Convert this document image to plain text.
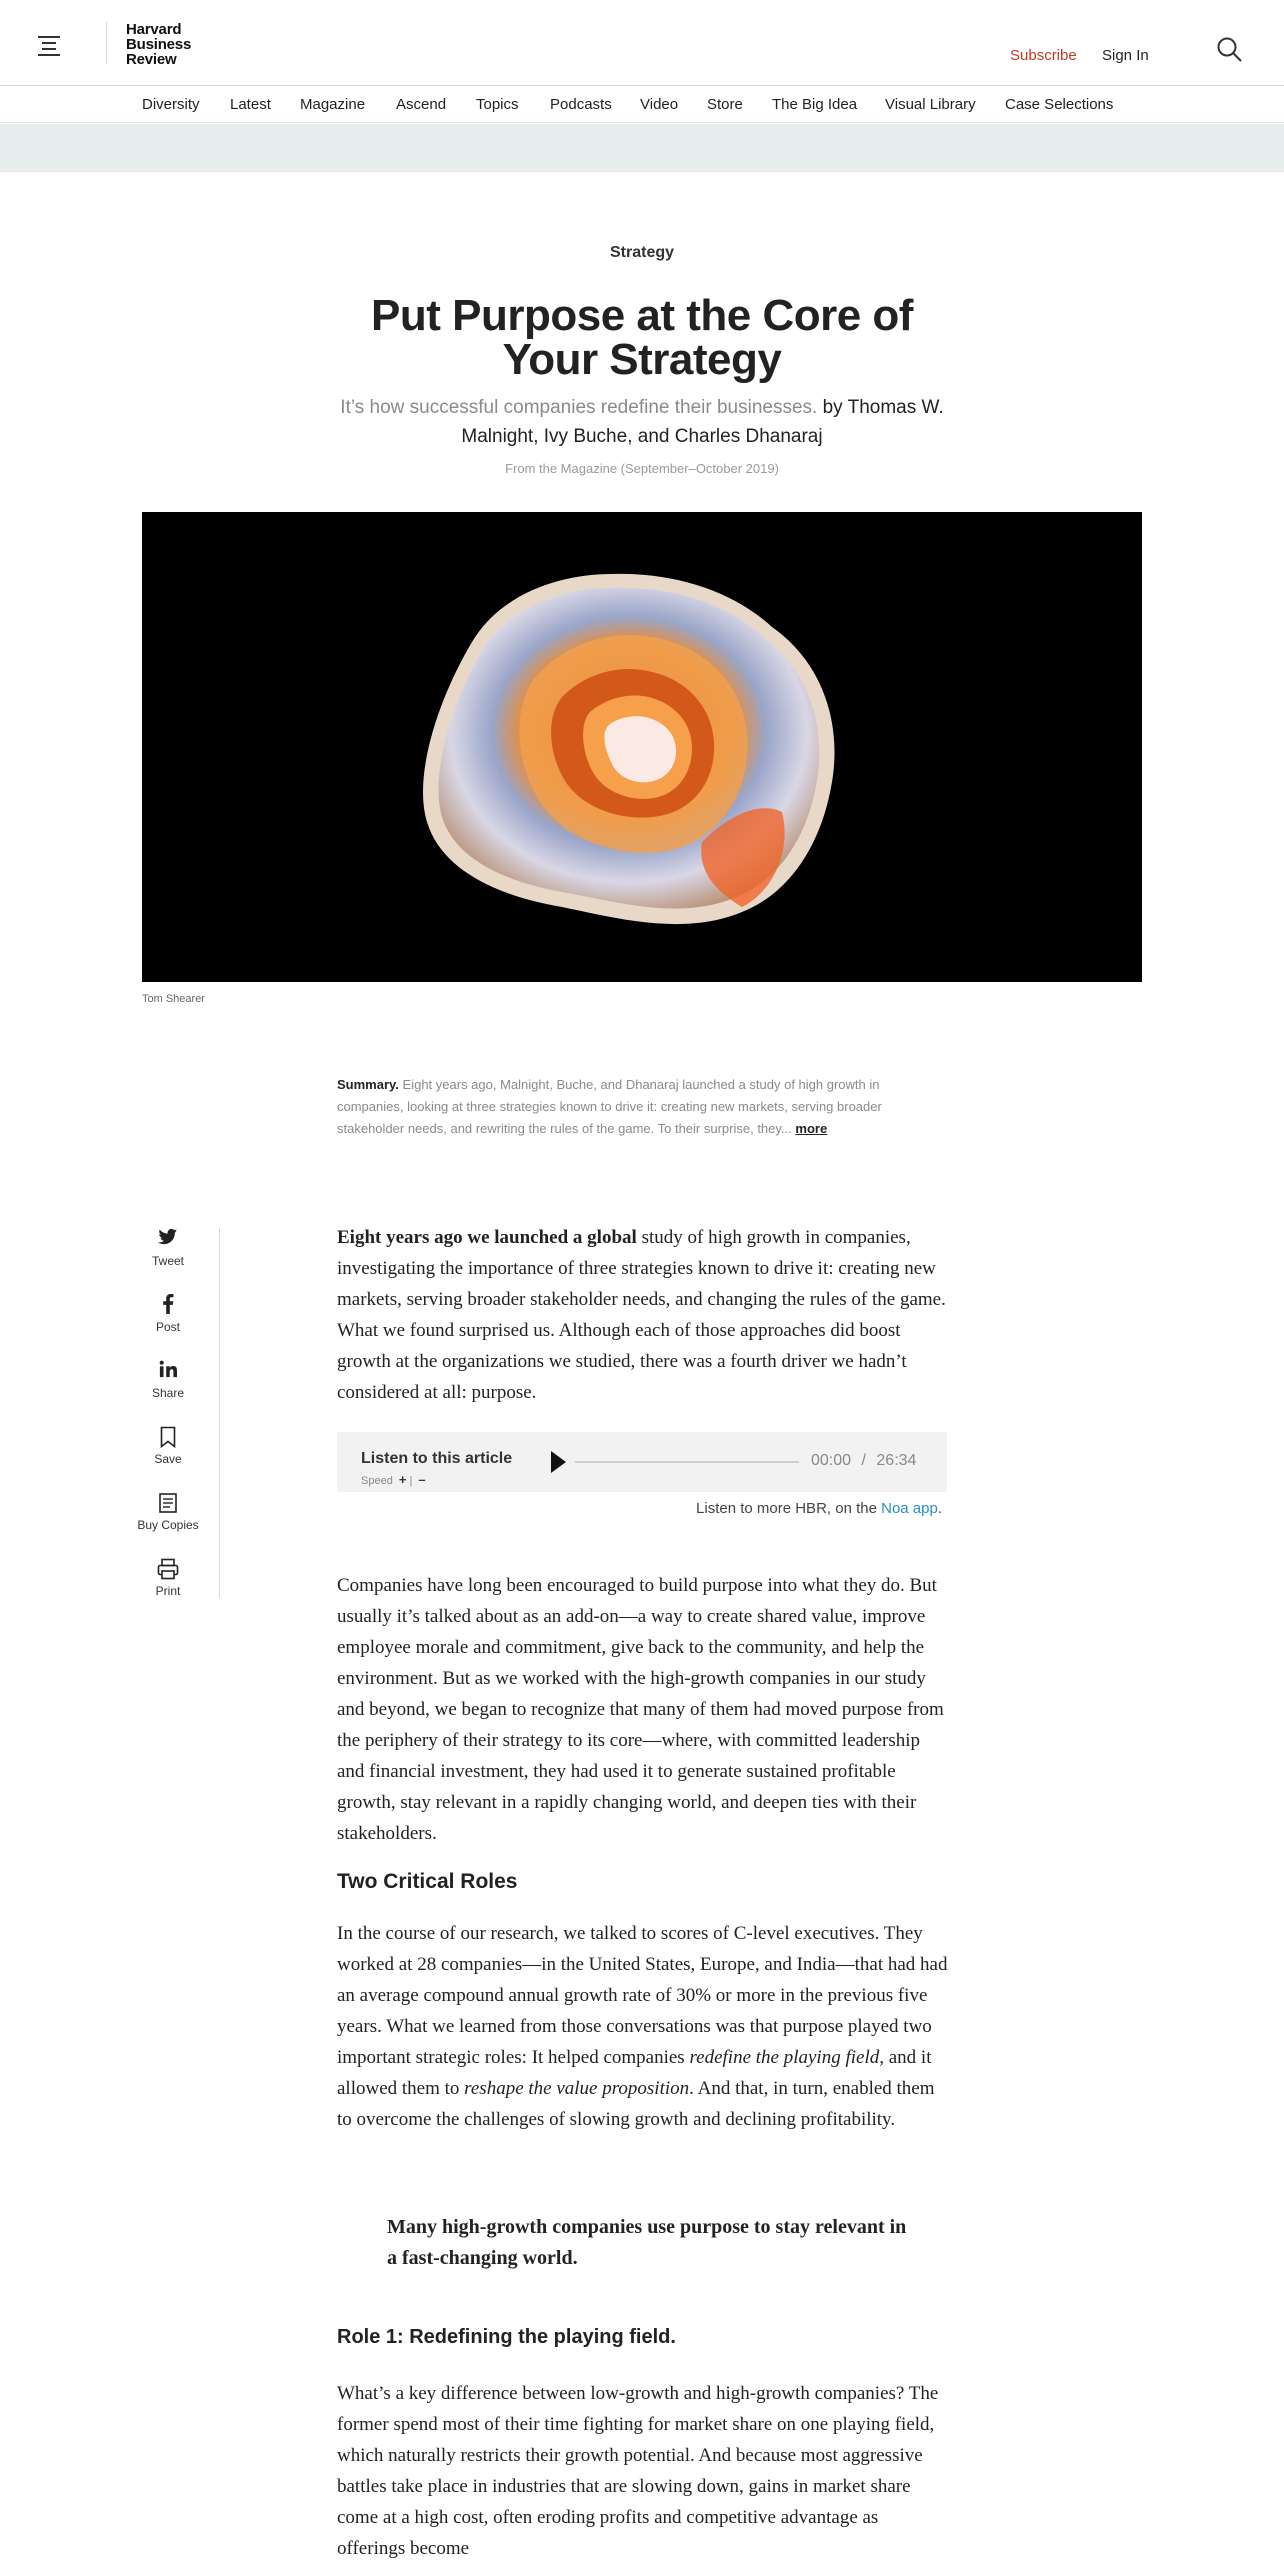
Harvard
Business
Review	Subscribe Sign In
Diversity Latest Magazine Ascend Topics Podcasts Video Store The Big Idea Visual Library Case Selections
Strategy
Put Purpose at the Core of
Your Strategy
It’s how successful companies redefine their businesses. by Thomas W. Malnight, Ivy Buche, and Charles Dhanaraj
From the Magazine (September–October 2019)
Tom Shearer
Summary. Eight years ago, Malnight, Buche, and Dhanaraj launched a study of high growth in companies, looking at three strategies known to drive it: creating new markets, serving broader stakeholder needs, and rewriting the rules of the game. To their surprise, they... more
Tweet
Post
Share
Save
Buy Copies
Print
Eight years ago we launched a global study of high growth in companies, investigating the importance of three strategies known to drive it: creating new markets, serving broader stakeholder needs, and changing the rules of the game. What we found surprised us. Although each of those approaches did boost growth at the organizations we studied, there was a fourth driver we hadn’t considered at all: purpose.
Listen to this article
Speed + | –
00:00 / 26:34
Listen to more HBR, on the Noa app.
Companies have long been encouraged to build purpose into what they do. But usually it’s talked about as an add-on—a way to create shared value, improve employee morale and commitment, give back to the community, and help the environment. But as we worked with the high-growth companies in our study and beyond, we began to recognize that many of them had moved purpose from the periphery of their strategy to its core—where, with committed leadership and financial investment, they had used it to generate sustained profitable growth, stay relevant in a rapidly changing world, and deepen ties with their stakeholders.
Two Critical Roles
In the course of our research, we talked to scores of C-level executives. They worked at 28 companies—in the United States, Europe, and India—that had had an average compound annual growth rate of 30% or more in the previous five years. What we learned from those conversations was that purpose played two important strategic roles: It helped companies redefine the playing field, and it allowed them to reshape the value proposition. And that, in turn, enabled them to overcome the challenges of slowing growth and declining profitability.
Many high-growth companies use purpose to stay relevant in a fast-changing world.
Role 1: Redefining the playing field.
What’s a key difference between low-growth and high-growth companies? The former spend most of their time fighting for market share on one playing field, which naturally restricts their growth potential. And because most aggressive battles take place in industries that are slowing down, gains in market share come at a high cost, often eroding profits and competitive advantage as offerings become
